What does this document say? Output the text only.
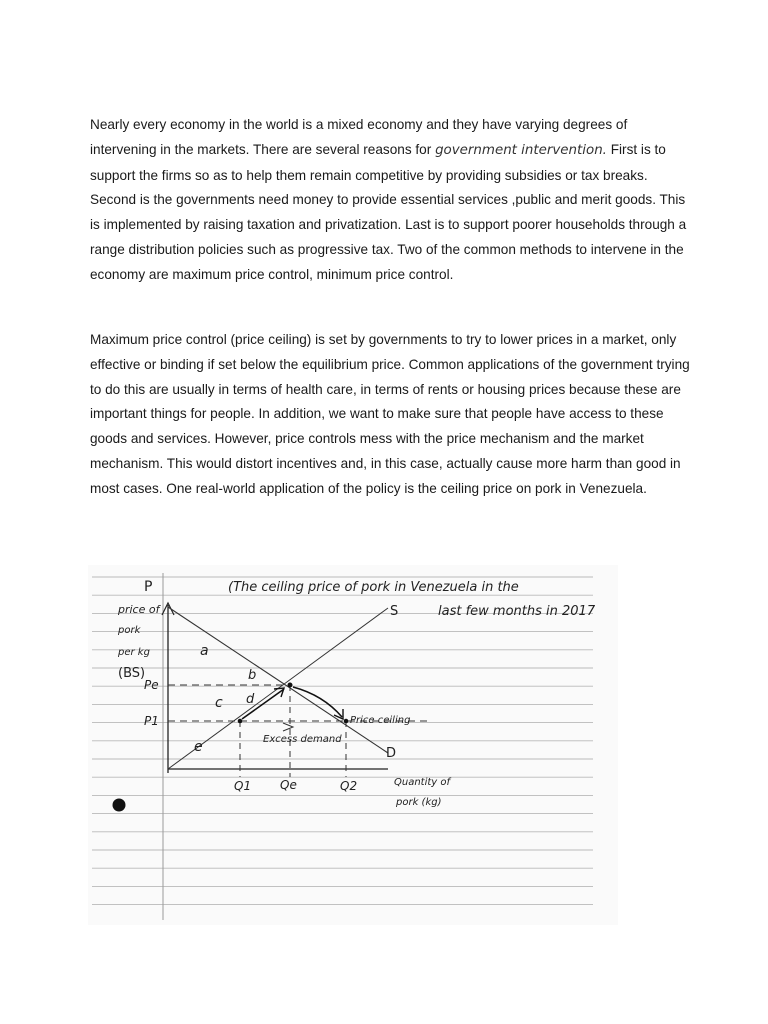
Nearly every economy in the world is a mixed economy and they have varying degrees of intervening in the markets. There are several reasons for government intervention. First is to support the firms so as to help them remain competitive by providing subsidies or tax breaks. Second is the governments need money to provide essential services ,public and merit goods. This is implemented by raising taxation and privatization. Last is to support poorer households through a range distribution policies such as progressive tax. Two of the common methods to intervene in the economy are maximum price control, minimum price control.

Maximum price control (price ceiling) is set by governments to try to lower prices in a market, only effective or binding if set below the equilibrium price. Common applications of the government trying to do this are usually in terms of health care, in terms of rents or housing prices because these are important things for people. In addition, we want to make sure that people have access to these goods and services. However, price controls mess with the price mechanism and the market mechanism. This would distort incentives and, in this case, actually cause more harm than good in most cases. One real-world application of the policy is the ceiling price on pork in Venezuela.

(The ceiling price of pork in Venezuela in the
last few months in 2017
P
price of
pork
per kg
(BS)
S
D
Pe
P1	Price ceiling
a
b
c d
e	Excess demand
Q1 Qe	Q2	Quantity of
pork (kg)
